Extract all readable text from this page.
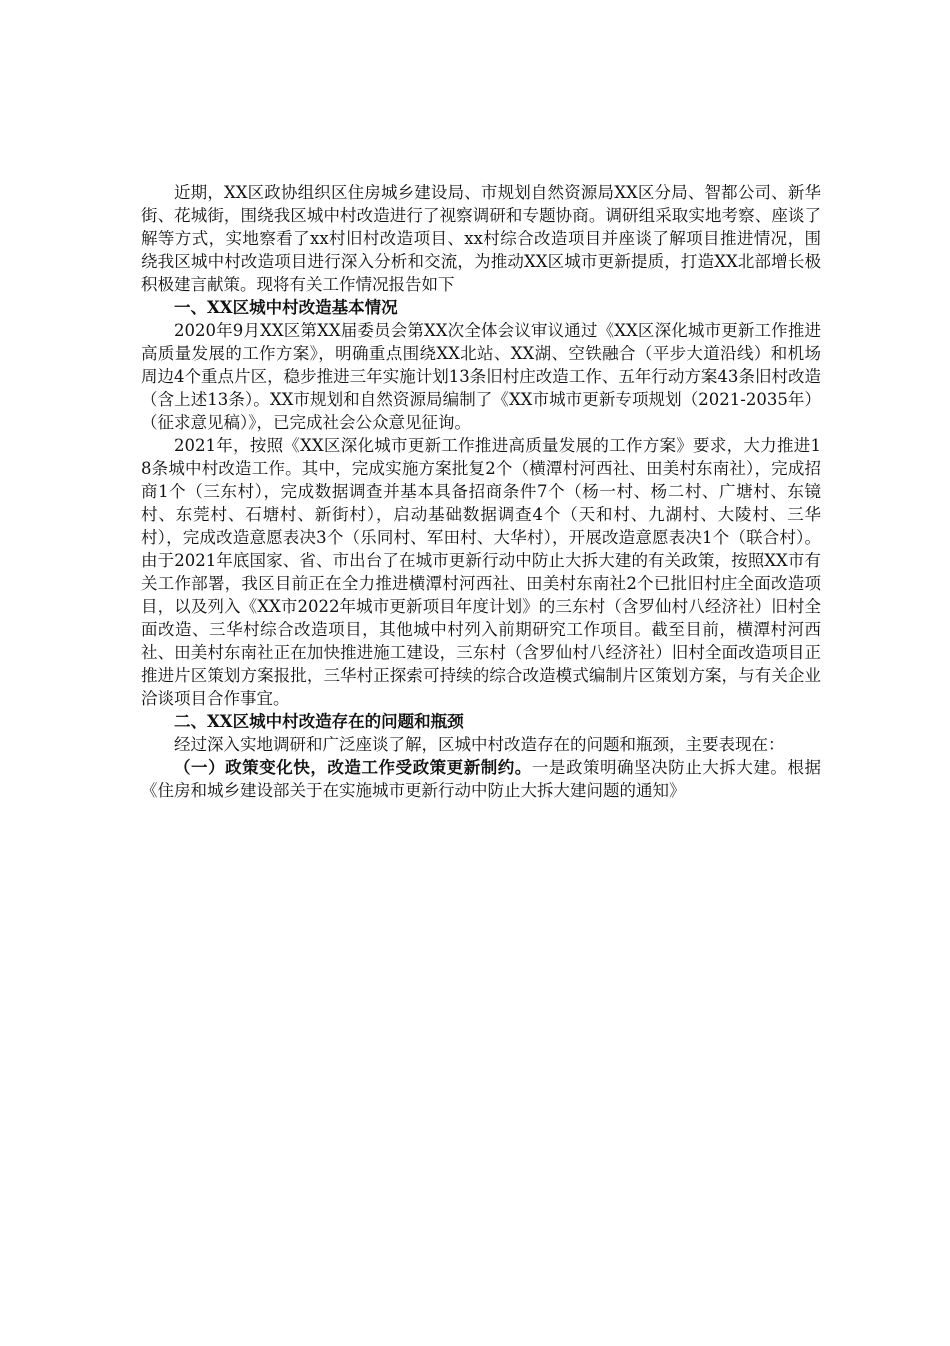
近期，XX区政协组织区住房城乡建设局、市规划自然资源局XX区分局、智都公司、新华街、花城街，围绕我区城中村改造进行了视察调研和专题协商。调研组采取实地考察、座谈了解等方式，实地察看了xx村旧村改造项目、xx村综合改造项目并座谈了解项目推进情况，围绕我区城中村改造项目进行深入分析和交流，为推动XX区城市更新提质，打造XX北部增长极积极建言献策。现将有关工作情况报告如下

一、XX区城中村改造基本情况

2020年9月XX区第XX届委员会第XX次全体会议审议通过《XX区深化城市更新工作推进高质量发展的工作方案》，明确重点围绕XX北站、XX湖、空铁融合（平步大道沿线）和机场周边4个重点片区，稳步推进三年实施计划13条旧村庄改造工作、五年行动方案43条旧村改造（含上述13条）。XX市规划和自然资源局编制了《XX市城市更新专项规划（2021-2035年）（征求意见稿）》，已完成社会公众意见征询。

2021年，按照《XX区深化城市更新工作推进高质量发展的工作方案》要求，大力推进18条城中村改造工作。其中，完成实施方案批复2个（横潭村河西社、田美村东南社），完成招商1个（三东村），完成数据调查并基本具备招商条件7个（杨一村、杨二村、广塘村、东镜村、东莞村、石塘村、新街村），启动基础数据调查4个（天和村、九湖村、大陵村、三华村），完成改造意愿表决3个（乐同村、军田村、大华村），开展改造意愿表决1个（联合村）。由于2021年底国家、省、市出台了在城市更新行动中防止大拆大建的有关政策，按照XX市有关工作部署，我区目前正在全力推进横潭村河西社、田美村东南社2个已批旧村庄全面改造项目，以及列入《XX市2022年城市更新项目年度计划》的三东村（含罗仙村八经济社）旧村全面改造、三华村综合改造项目，其他城中村列入前期研究工作项目。截至目前，横潭村河西社、田美村东南社正在加快推进施工建设，三东村（含罗仙村八经济社）旧村全面改造项目正推进片区策划方案报批，三华村正探索可持续的综合改造模式编制片区策划方案，与有关企业洽谈项目合作事宜。

二、XX区城中村改造存在的问题和瓶颈

经过深入实地调研和广泛座谈了解，区城中村改造存在的问题和瓶颈，主要表现在：

（一）政策变化快，改造工作受政策更新制约。一是政策明确坚决防止大拆大建。根据《住房和城乡建设部关于在实施城市更新行动中防止大拆大建问题的通知》
